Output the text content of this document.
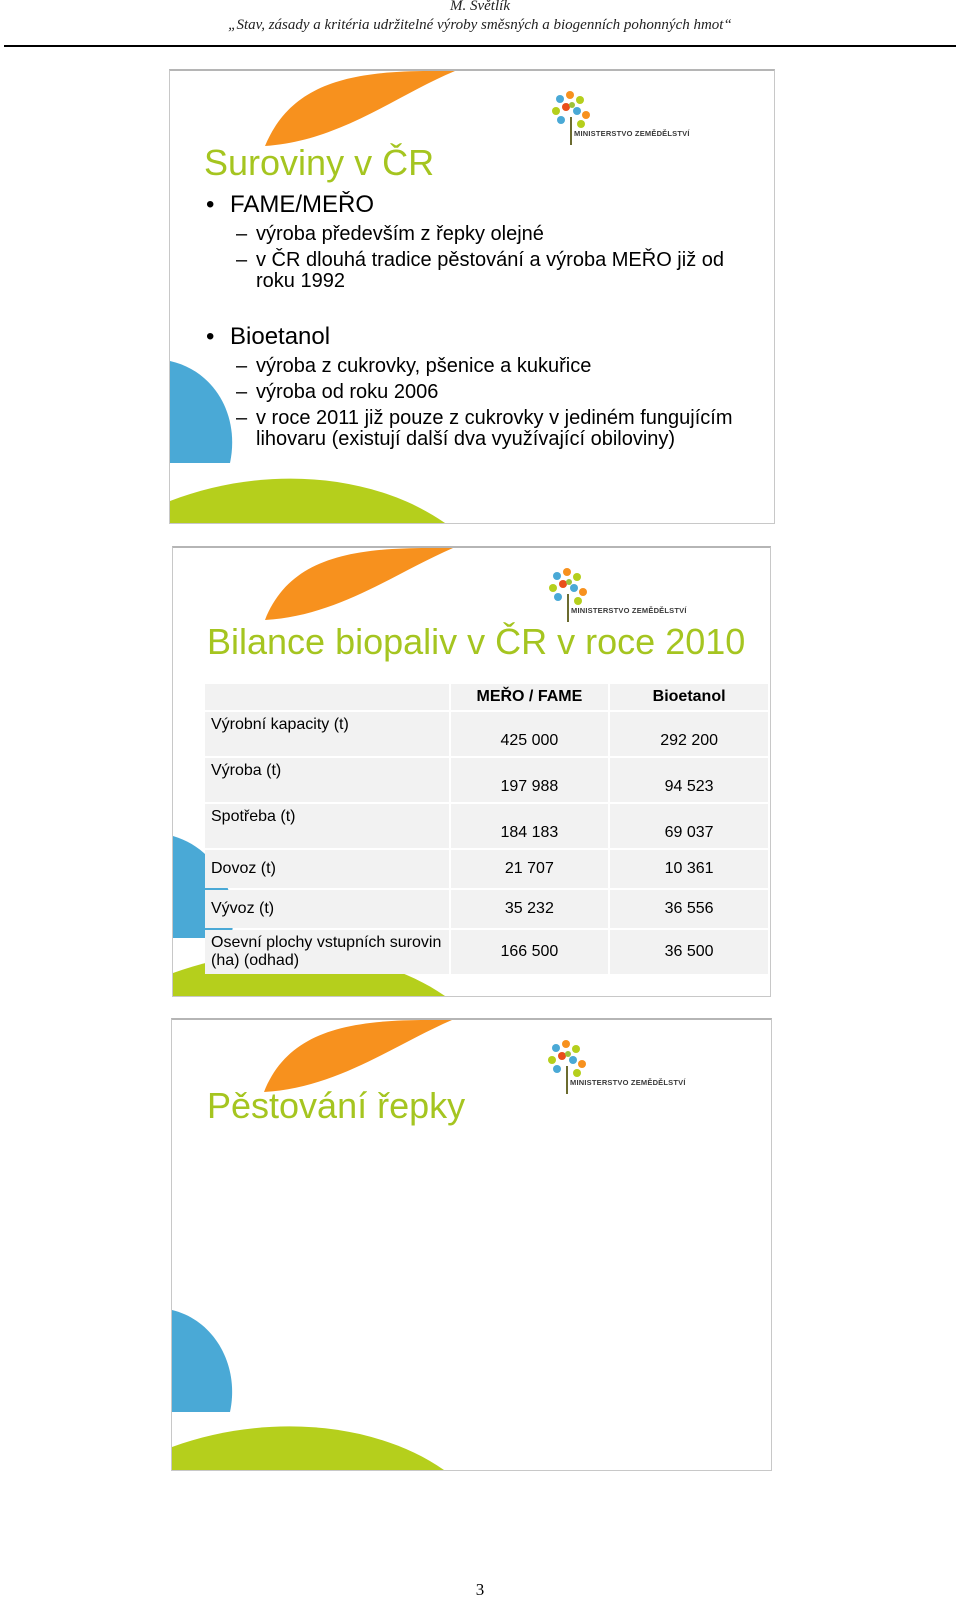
M. Světlík
„Stav, zásady a kritéria udržitelné výroby směsných a biogenních pohonných hmot“
MINISTERSTVO ZEMĚDĚLSTVÍ
Suroviny v ČR
• FAME/MEŘO
– výroba především z řepky olejné
– v ČR dlouhá tradice pěstování a výroba MEŘO již od roku 1992
• Bioetanol
– výroba z cukrovky, pšenice a kukuřice
– výroba od roku 2006
– v roce 2011 již pouze z cukrovky v jediném fungujícím lihovaru (existují další dva využívající obiloviny)
MINISTERSTVO ZEMĚDĚLSTVÍ
Bilance biopaliv v ČR v roce 2010
	MEŘO / FAME	Bioetanol
Výrobní kapacity (t)	425 000	292 200
Výroba (t)	197 988	94 523
Spotřeba (t)	184 183	69 037
Dovoz (t)	21 707	10 361
Vývoz (t)	35 232	36 556
Osevní plochy vstupních surovin (ha) (odhad)	166 500	36 500
MINISTERSTVO ZEMĚDĚLSTVÍ
Pěstování řepky
3
